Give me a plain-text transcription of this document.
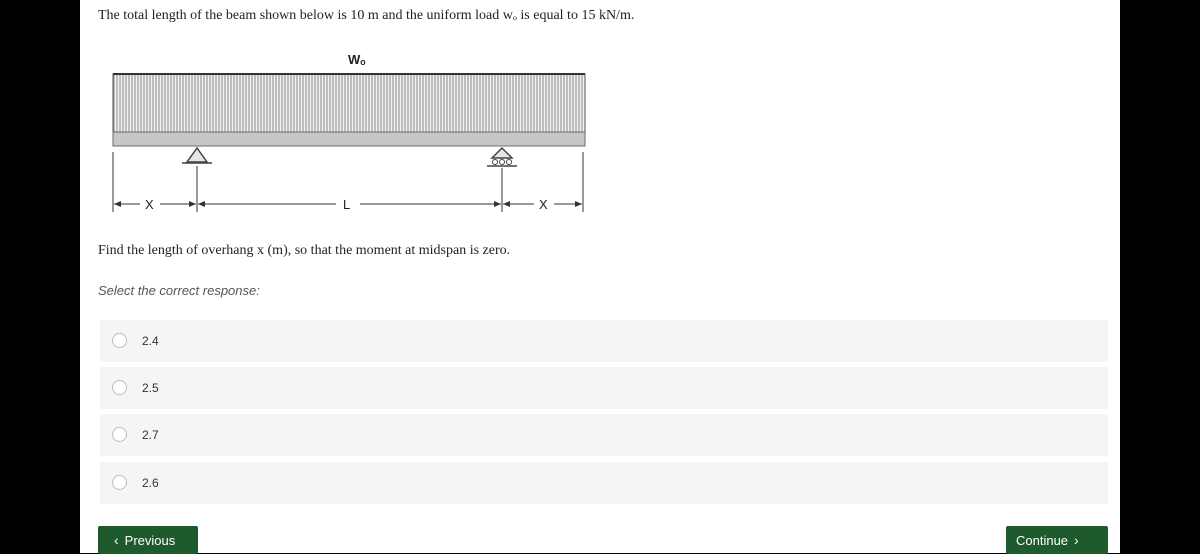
The total length of the beam shown below is 10 m and the uniform load wₒ is equal to 15 kN/m.
Wₒ
X	L	X
Find the length of overhang x (m), so that the moment at midspan is zero.
Select the correct response:
2.4
2.5
2.7
2.6
‹ Previous	Continue ›
